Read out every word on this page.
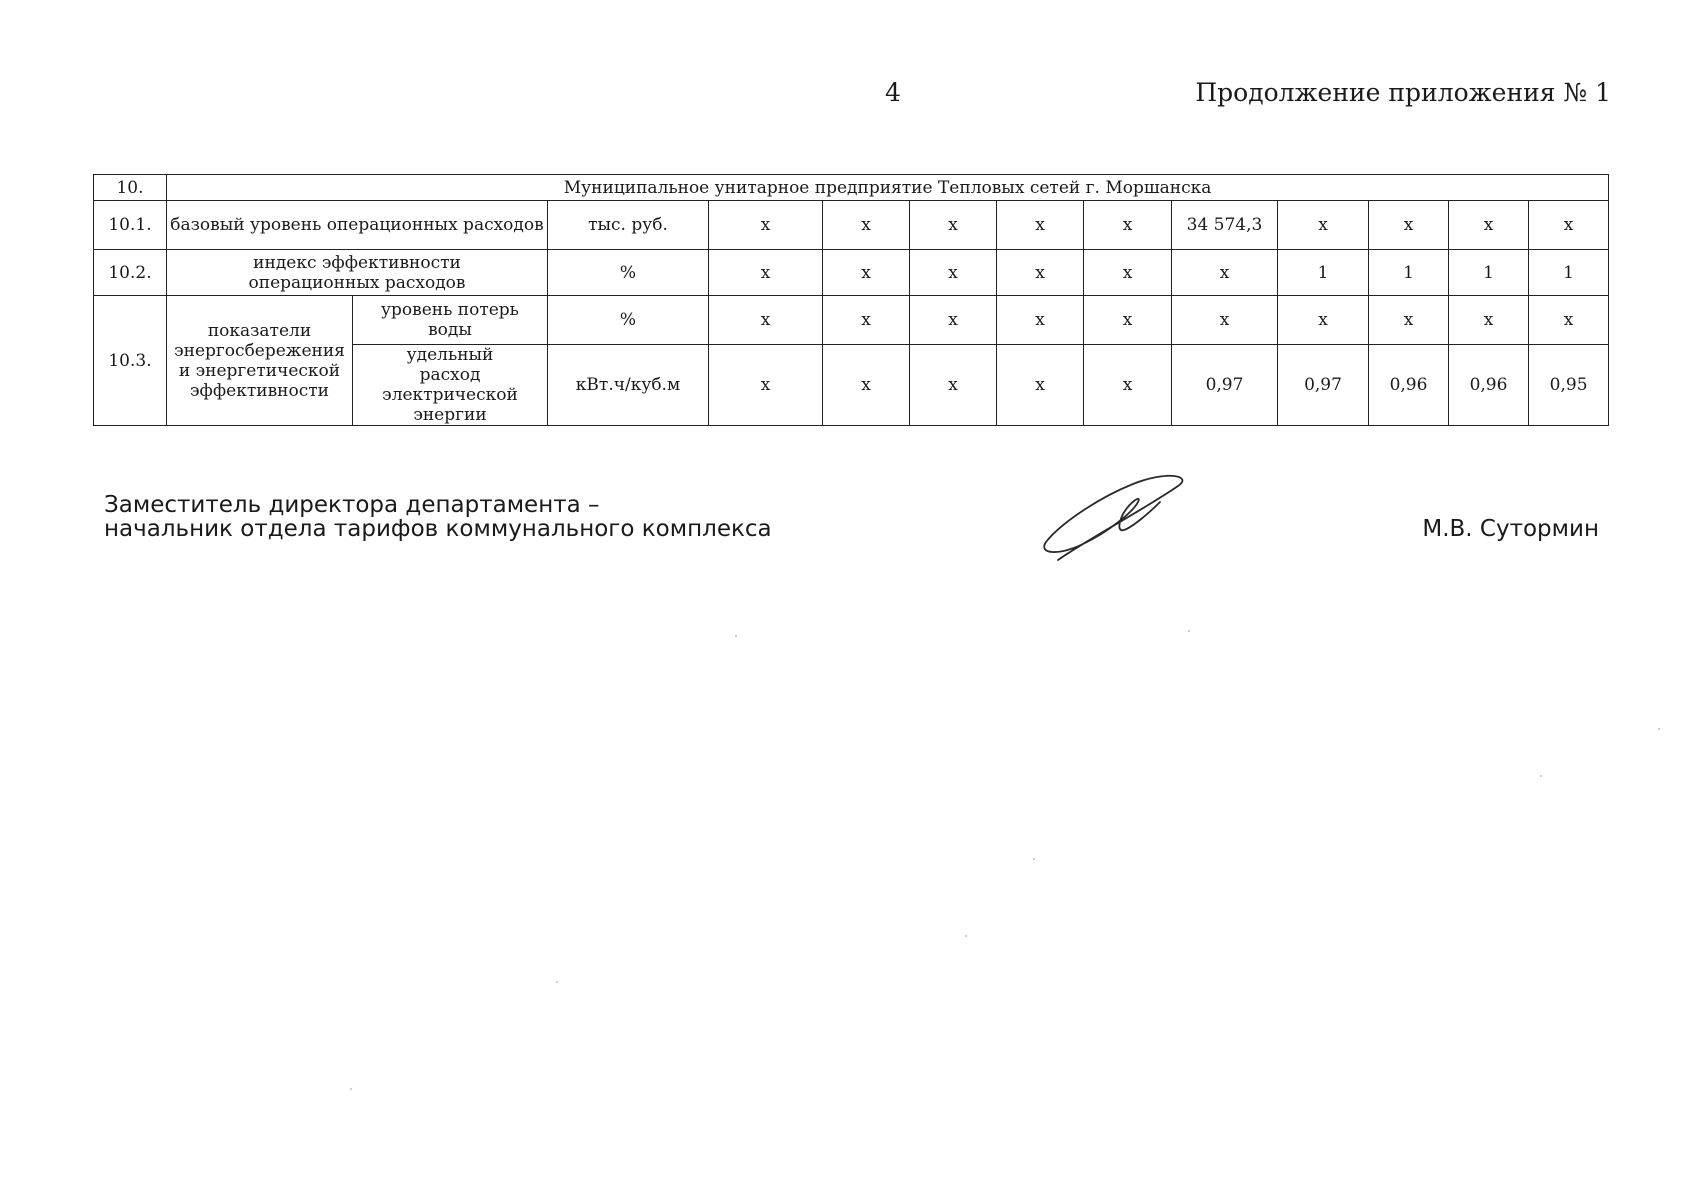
4	Продолжение приложения № 1
10.	Муниципальное унитарное предприятие Тепловых сетей г. Моршанска												
10.1.	базовый уровень операционных расходов		тыс. руб.	х	х	х	х	х	34 574,3	х	х	х	х
10.2.	индекс эффективности операционных расходов		%	х	х	х	х	х	х	1	1	1	1
10.3.	показатели энергосбережения и энергетической эффективности	уровень потерь воды	%	х	х	х	х	х	х	х	х	х	х
		удельный расход электрической энергии	кВт.ч/куб.м	х	х	х	х	х	0,97	0,97	0,96	0,96	0,95
Заместитель директора департамента –
начальник отдела тарифов коммунального комплекса	М.В. Сутормин
